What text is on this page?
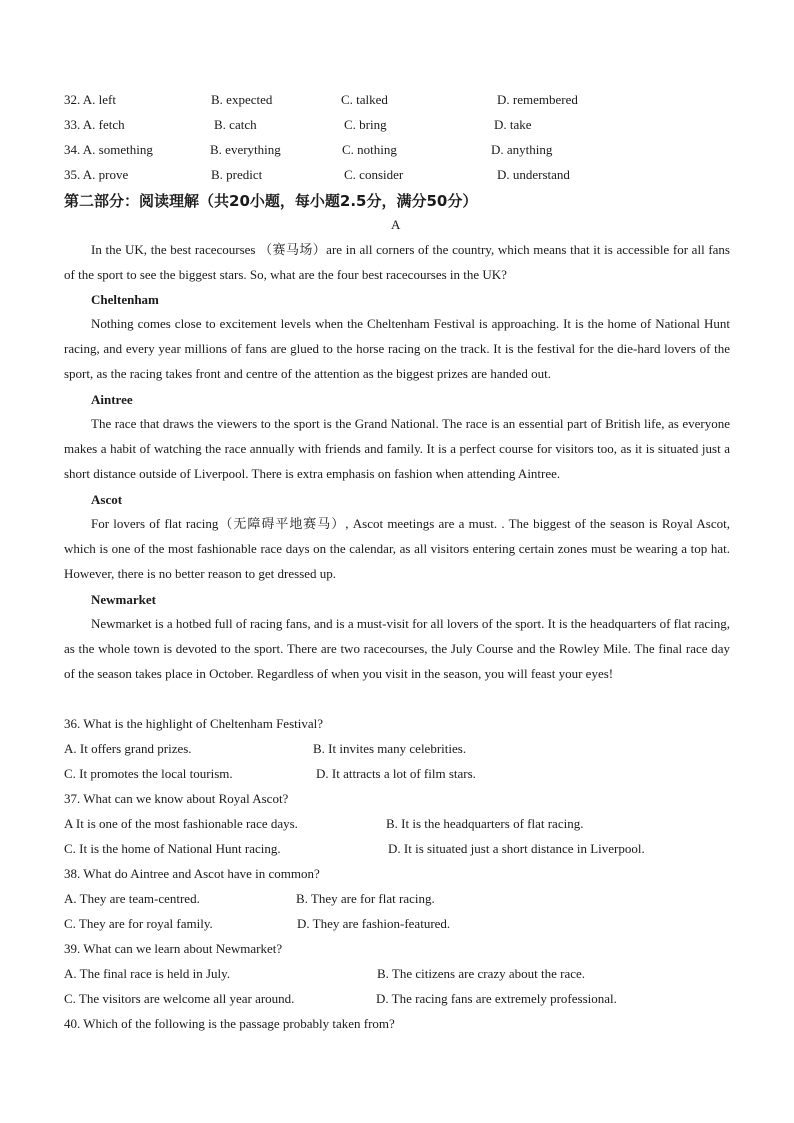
32. A. left	B. expected	C. talked	D. remembered
33. A. fetch	B. catch	C. bring	D. take
34. A. something	B. everything	C. nothing	D. anything
35. A. prove	B. predict	C. consider	D. understand
第二部分：阅读理解（共20小题，每小题2.5分，满分50分）
A
In the UK, the best racecourses （赛马场）are in all corners of the country, which means that it is accessible for all fans of the sport to see the biggest stars. So, what are the four best racecourses in the UK?
Cheltenham
Nothing comes close to excitement levels when the Cheltenham Festival is approaching. It is the home of National Hunt racing, and every year millions of fans are glued to the horse racing on the track. It is the festival for the die-hard lovers of the sport, as the racing takes front and centre of the attention as the biggest prizes are handed out.
Aintree
The race that draws the viewers to the sport is the Grand National. The race is an essential part of British life, as everyone makes a habit of watching the race annually with friends and family. It is a perfect course for visitors too, as it is situated just a short distance outside of Liverpool. There is extra emphasis on fashion when attending Aintree.
Ascot
For lovers of flat racing（无障碍平地赛马）, Ascot meetings are a must. . The biggest of the season is Royal Ascot, which is one of the most fashionable race days on the calendar, as all visitors entering certain zones must be wearing a top hat. However, there is no better reason to get dressed up.
Newmarket
Newmarket is a hotbed full of racing fans, and is a must-visit for all lovers of the sport. It is the headquarters of flat racing, as the whole town is devoted to the sport. There are two racecourses, the July Course and the Rowley Mile. The final race day of the season takes place in October. Regardless of when you visit in the season, you will feast your eyes!
36. What is the highlight of Cheltenham Festival?
A. It offers grand prizes.	B. It invites many celebrities.
C. It promotes the local tourism.	D. It attracts a lot of film stars.
37. What can we know about Royal Ascot?
A It is one of the most fashionable race days.	B. It is the headquarters of flat racing.
C. It is the home of National Hunt racing.	D. It is situated just a short distance in Liverpool.
38. What do Aintree and Ascot have in common?
A. They are team-centred.	B. They are for flat racing.
C. They are for royal family.	D. They are fashion-featured.
39. What can we learn about Newmarket?
A. The final race is held in July.	B. The citizens are crazy about the race.
C. The visitors are welcome all year around.	D. The racing fans are extremely professional.
40. Which of the following is the passage probably taken from?
